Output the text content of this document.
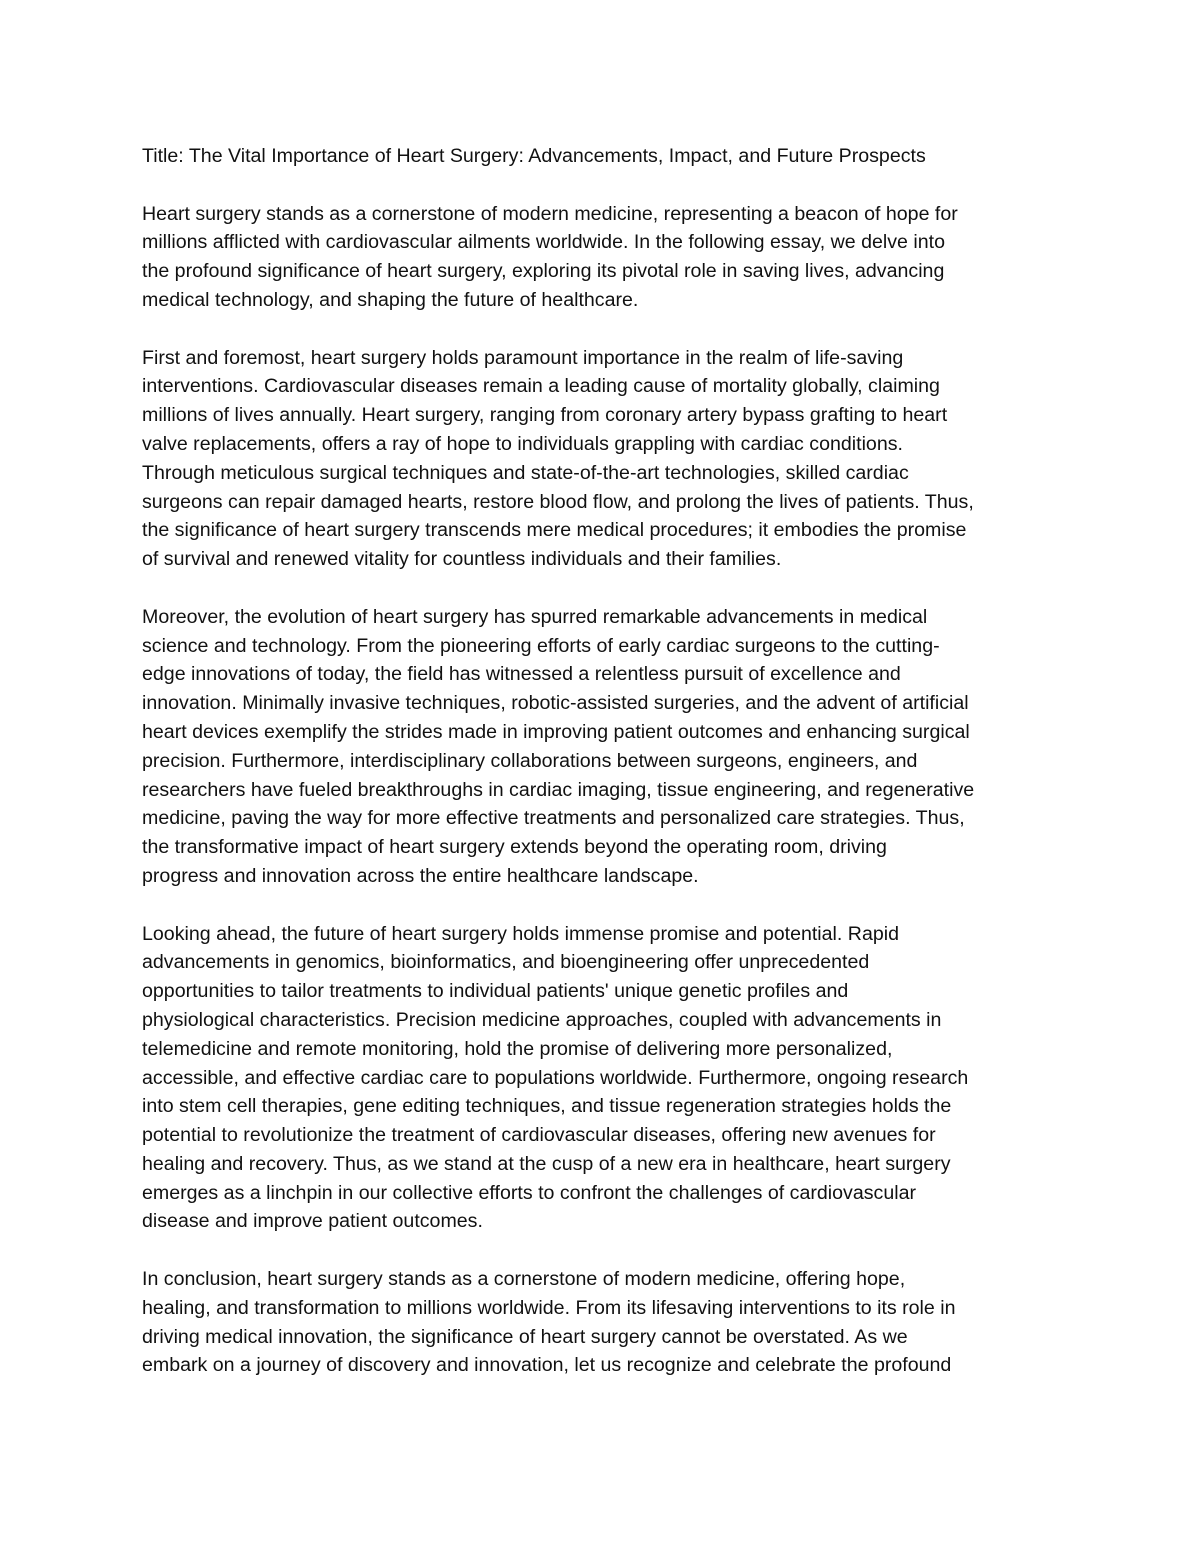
Title: The Vital Importance of Heart Surgery: Advancements, Impact, and Future Prospects
Heart surgery stands as a cornerstone of modern medicine, representing a beacon of hope for
millions afflicted with cardiovascular ailments worldwide. In the following essay, we delve into
the profound significance of heart surgery, exploring its pivotal role in saving lives, advancing
medical technology, and shaping the future of healthcare.
First and foremost, heart surgery holds paramount importance in the realm of life-saving
interventions. Cardiovascular diseases remain a leading cause of mortality globally, claiming
millions of lives annually. Heart surgery, ranging from coronary artery bypass grafting to heart
valve replacements, offers a ray of hope to individuals grappling with cardiac conditions.
Through meticulous surgical techniques and state-of-the-art technologies, skilled cardiac
surgeons can repair damaged hearts, restore blood flow, and prolong the lives of patients. Thus,
the significance of heart surgery transcends mere medical procedures; it embodies the promise
of survival and renewed vitality for countless individuals and their families.
Moreover, the evolution of heart surgery has spurred remarkable advancements in medical
science and technology. From the pioneering efforts of early cardiac surgeons to the cutting-
edge innovations of today, the field has witnessed a relentless pursuit of excellence and
innovation. Minimally invasive techniques, robotic-assisted surgeries, and the advent of artificial
heart devices exemplify the strides made in improving patient outcomes and enhancing surgical
precision. Furthermore, interdisciplinary collaborations between surgeons, engineers, and
researchers have fueled breakthroughs in cardiac imaging, tissue engineering, and regenerative
medicine, paving the way for more effective treatments and personalized care strategies. Thus,
the transformative impact of heart surgery extends beyond the operating room, driving
progress and innovation across the entire healthcare landscape.
Looking ahead, the future of heart surgery holds immense promise and potential. Rapid
advancements in genomics, bioinformatics, and bioengineering offer unprecedented
opportunities to tailor treatments to individual patients' unique genetic profiles and
physiological characteristics. Precision medicine approaches, coupled with advancements in
telemedicine and remote monitoring, hold the promise of delivering more personalized,
accessible, and effective cardiac care to populations worldwide. Furthermore, ongoing research
into stem cell therapies, gene editing techniques, and tissue regeneration strategies holds the
potential to revolutionize the treatment of cardiovascular diseases, offering new avenues for
healing and recovery. Thus, as we stand at the cusp of a new era in healthcare, heart surgery
emerges as a linchpin in our collective efforts to confront the challenges of cardiovascular
disease and improve patient outcomes.
In conclusion, heart surgery stands as a cornerstone of modern medicine, offering hope,
healing, and transformation to millions worldwide. From its lifesaving interventions to its role in
driving medical innovation, the significance of heart surgery cannot be overstated. As we
embark on a journey of discovery and innovation, let us recognize and celebrate the profound
